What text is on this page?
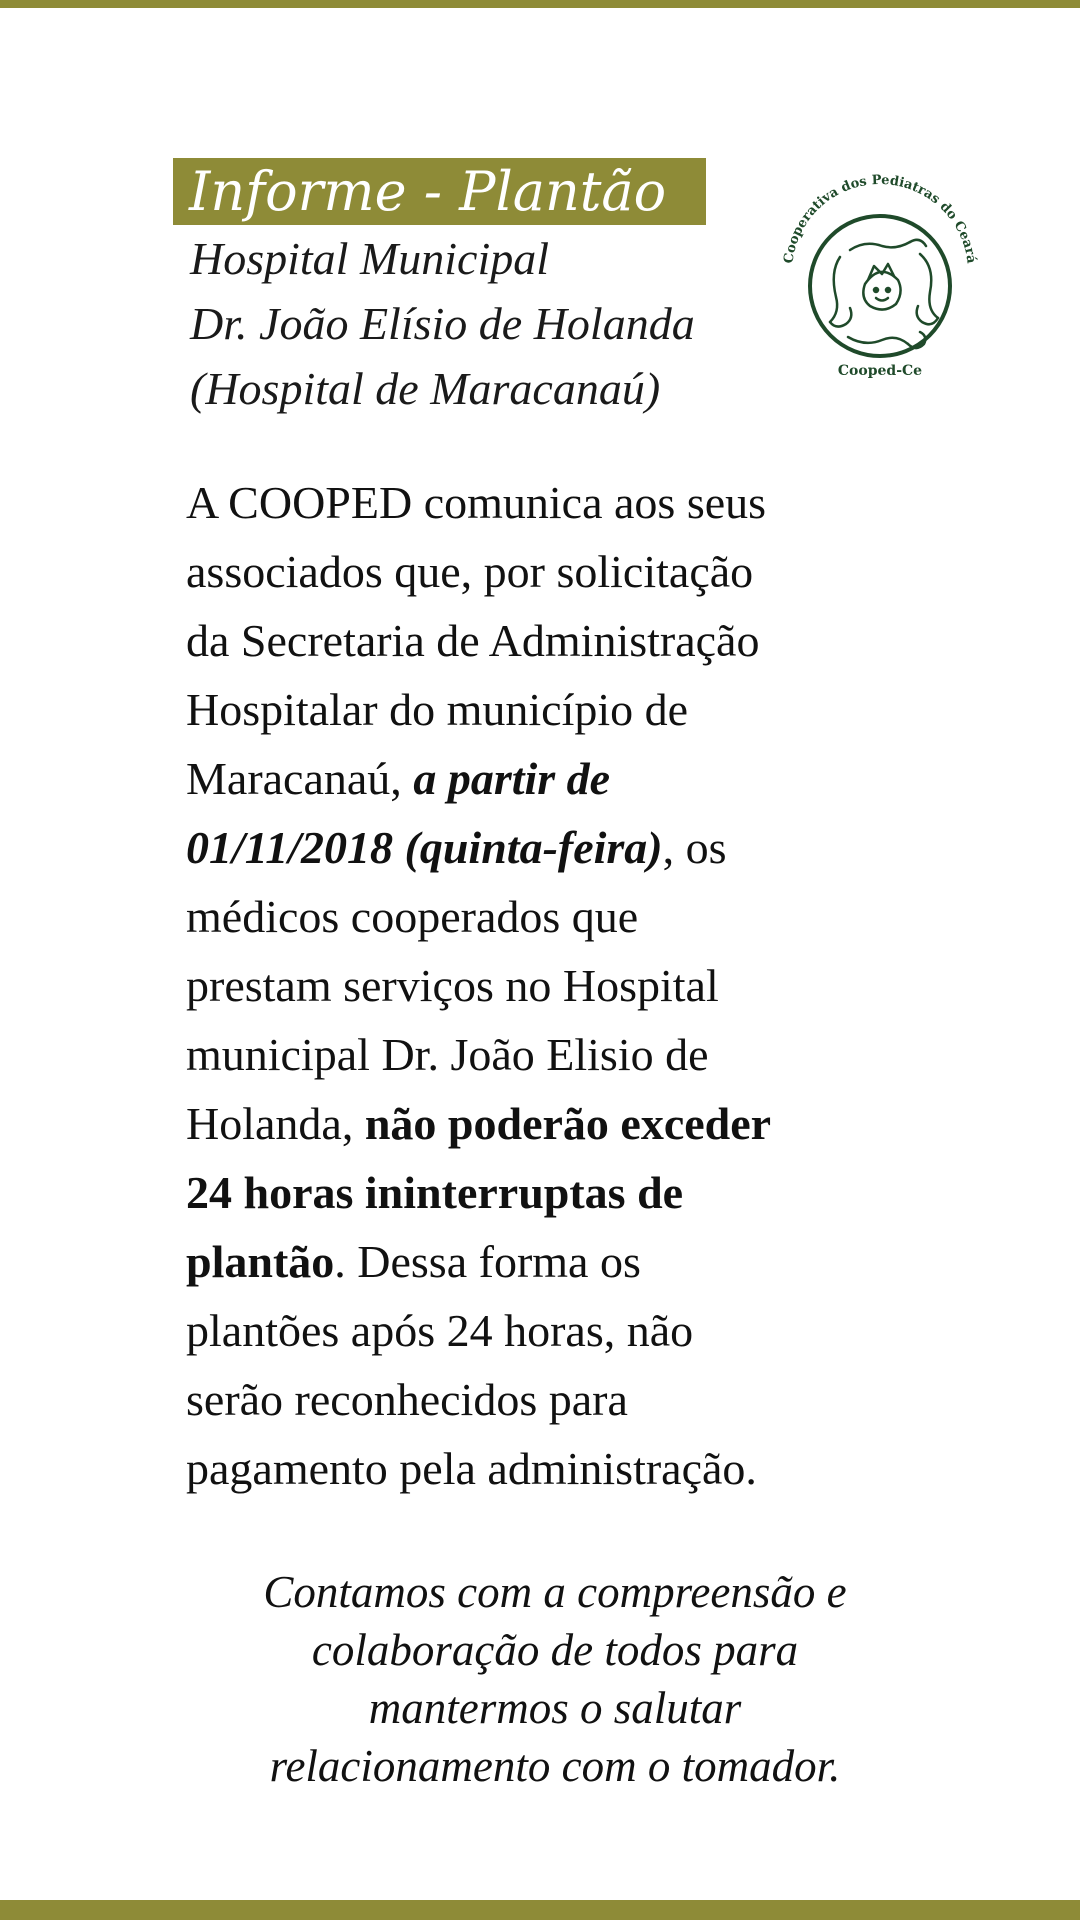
Informe - Plantão
Hospital Municipal
Dr. João Elísio de Holanda
(Hospital de Maracanaú)
Cooperativa dos Pediatras do Ceará
Cooped-Ce
A COOPED comunica aos seus
associados que, por solicitação
da Secretaria de Administração
Hospitalar do município de
Maracanaú, a partir de
01/11/2018 (quinta-feira), os
médicos cooperados que
prestam serviços no Hospital
municipal Dr. João Elisio de
Holanda, não poderão exceder
24 horas ininterruptas de
plantão. Dessa forma os
plantões após 24 horas, não
serão reconhecidos para
pagamento pela administração.
Contamos com a compreensão e
colaboração de todos para
mantermos o salutar
relacionamento com o tomador.
